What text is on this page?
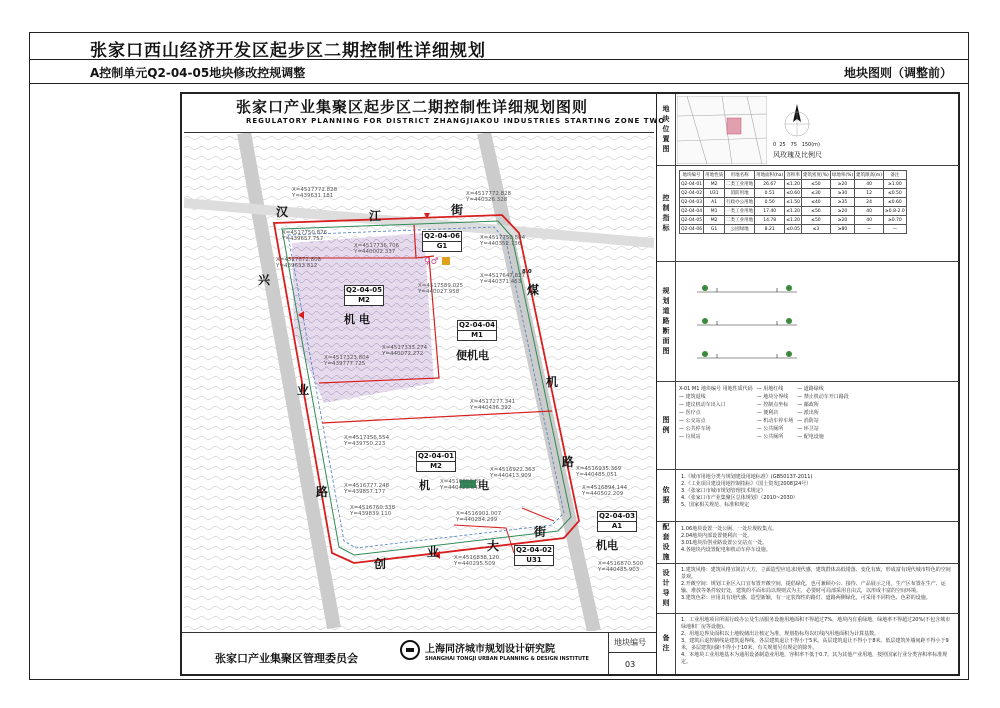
张家口西山经济开发区起步区二期控制性详细规划
A控制单元Q2-04-05地块修改控规调整	地块图则（调整前）
张家口产业集聚区起步区二期控制性详细规划图则
REGULATORY PLANNING FOR DISTRICT ZHANGJIAKOU INDUSTRIES STARTING ZONE TWO
汉	江	街
兴
业
路
煤
机
路
创
业	大
街
Q2-04-06
G1
♀♂
Q2-04-05
M2
机 电	Q2-04-04
M1
便机电
Q2-04-01
M2
机	电
Q2-04-03
A1
机电
Q2-04-02
U31
X=4517772.828
Y=439631.181	X=4517772.828
Y=440326.328
X=4517750.876
Y=439657.757
X=4517736.706
Y=440002.337
X=4517672.808
Y=439633.812
X=4517750.804
Y=440352.736
X=4517647.827
Y=440371.453
X=4517589.025
Y=440027.958
X=4517333.274
Y=440072.272
X=4517323.804
Y=439777.725
X=4517277.341
Y=440436.392
X=4517156.554
Y=439750.223
X=4516922.363
Y=440413.909
X=4516859.854
Y=440423.643
X=4516935.369
Y=440485.051
X=4516894.144
Y=440502.209
X=4516777.248
Y=439857.177
X=4516760.338
Y=439839.110	X=4516901.007
Y=440284.299
X=4516838.120
Y=440295.509	X=4516870.500
Y=440485.903
8.0
张家口产业集聚区管理委员会
上海同济城市规划设计研究院
SHANGHAI TONGJI URBAN PLANNING & DESIGN INSTITUTE
地块编号
03
地块位置图	0 25 75 150(m)
风玫瑰及比例尺
控制指标
地块编号	用地性质	用地名称	用地面积(ha)	容积率	建筑密度(%)	绿地率(%)	建筑限高(m)	备注
Q2-04-01	M2	二类工业用地	26.67	≤1.20	≤50	≥20	40	≥1.00
Q2-04-02	U31	消防用地	0.51	≤0.60	≤30	≥30	12	≤0.50
Q2-04-03	A1	行政办公用地	0.50	≤1.50	≤40	≥35	24	≤0.60
Q2-04-04	M1	一类工业用地	17.40	≤1.20	≤50	≥20	40	≥0.8-2.0
Q2-04-05	M2	二类工业用地	14.78	≤1.20	≤50	≥20	40	≥0.70
Q2-04-06	G1	公园绿地	8.21	≤0.05	≤3	≥80	—	—
规划道路断面图
图例
X-01 M1 地块编号 用地性质代码 — 用地红线	— 道路绿线
— 建筑退线	— 地块分界线	— 禁止机动车开口路段
— 建议机动车出入口	— 控制点坐标	— 邮政所
— 医疗点	— 便利店	— 派出所
— 公交站点	— 机动车停车场 — 消防站
— 公共停车场	— 公共厕所	— 环卫站
— 垃圾站	— 公共厕所	— 配电设施
依据
1.《城市用地分类与规划建设用地标准》(GB50137-2011)
2.《工业项目建设用地控制指标》（国土资发[2008]24号）
3.《张家口市城市规划管理技术规定》
4.《张家口市产业集聚区总体规划》（2010~2030）
5、国家相关规范、标准和规定
配套设施	1.06地块设置一处公厕、一处垃圾收集点。
2.04地块内部设置便利店一处。
3.01地块沿创业路设置公交站点一处。
4.各地块内设置配电和机动车停车设施。
设计导则	1.建筑风格：建筑风格宜简洁大方，立面造型应追求现代感，建筑群体高低错落、变化有致，形成富有现代城市特色的空间景观。
2.开敞空间：规划工业区入口宜布置开敞空间，提倡绿化，也可兼顾办公、接待、产品展示之用，生产区布置在生产、运输、堆放等条件较好处，建筑的平面布局以规则式为主，必要时可局部采用自由式，以形成丰富的空间环境。
3.建筑色彩：应用具有现代感、造型新颖，有一定装饰性的路灯、道路两侧绿化，可采用不同特色、色彩的设施。
备注
1、工业用地项目所需行政办公及生活服务设施用地面积不得超过7%，地块内有重绿地，绿地率不得超过20%(不包含城市绿地和厂房等设施)。
2、用地边界及面积以土地收储出让核定为准，规划指标均以红线内用地面积为计算基数。
3、建筑后退控制线是建筑退界线，各层建筑退让不得小于5米。高层建筑退让不得小于8米。低层建筑外墙间距不得小于9米，多层建筑间距不得小于10米，有关规划另有规定的除外。
4、本地块工业用地基本为通用设备制造业用地，容积率不低于0.7。其为其他产业用地，按照国家行业分类容积率标准规定。
